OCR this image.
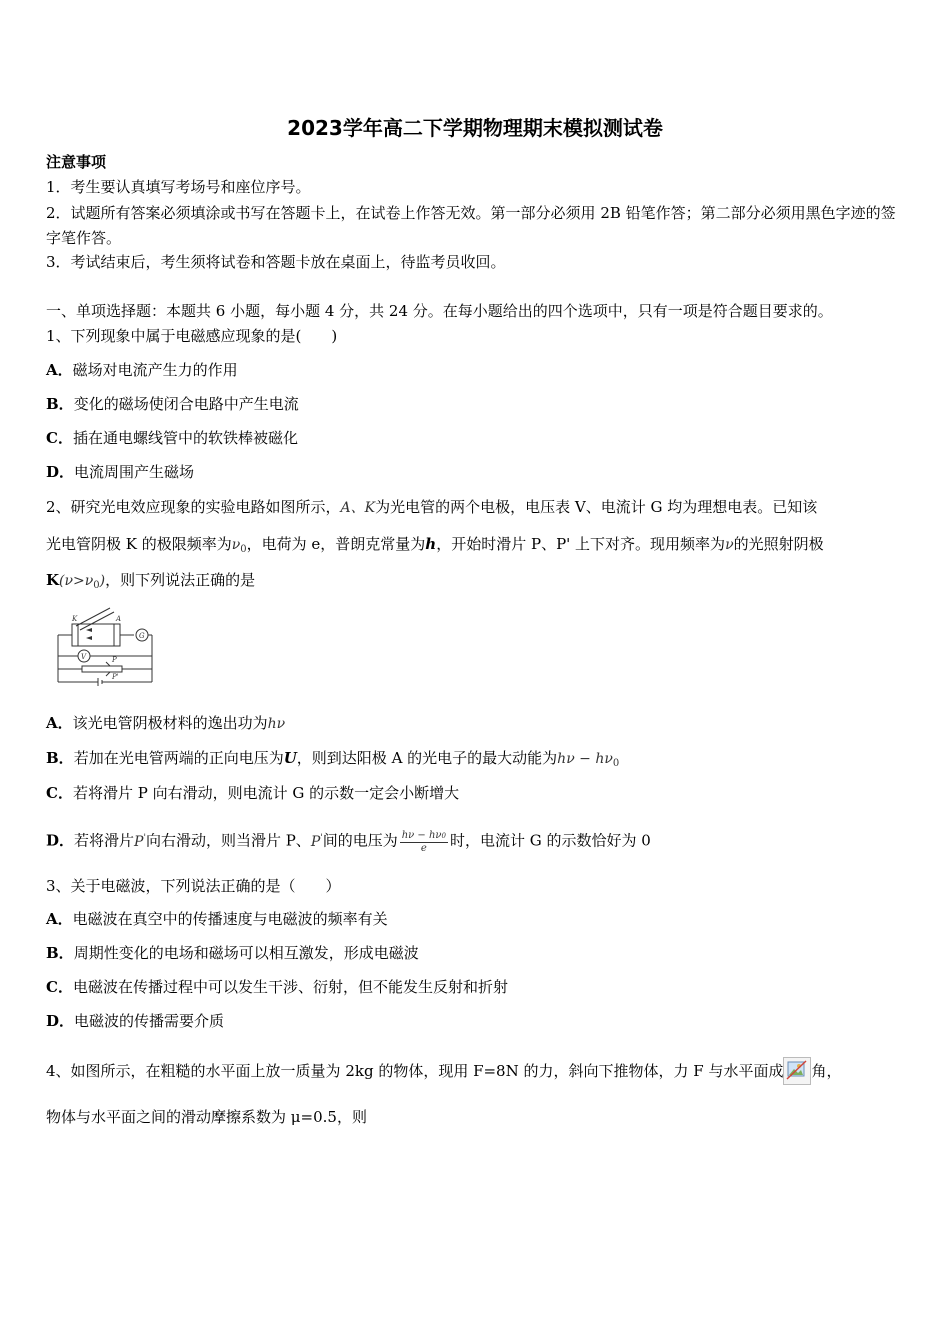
2023学年高二下学期物理期末模拟测试卷
注意事项
1．考生要认真填写考场号和座位序号。
2．试题所有答案必须填涂或书写在答题卡上，在试卷上作答无效。第一部分必须用 2B 铅笔作答；第二部分必须用黑色字迹的签字笔作答。
3．考试结束后，考生须将试卷和答题卡放在桌面上，待监考员收回。
一、单项选择题：本题共 6 小题，每小题 4 分，共 24 分。在每小题给出的四个选项中，只有一项是符合题目要求的。
1、下列现象中属于电磁感应现象的是(　　)
A．磁场对电流产生力的作用
B．变化的磁场使闭合电路中产生电流
C．插在通电螺线管中的软铁棒被磁化
D．电流周围产生磁场
2、研究光电效应现象的实验电路如图所示，A、K为光电管的两个电极，电压表 V、电流计 G 均为理想电表。已知该
光电管阴极 K 的极限频率为$\nu_0$，电荷为 e，普朗克常量为h，开始时滑片 P、P' 上下对齐。现用频率为ν的光照射阴极
$K(\nu>\nu_0)$，则下列说法正确的是
K	A
G
V	P
P'
A．该光电管阴极材料的逸出功为hν
B．若加在光电管两端的正向电压为U，则到达阳极 A 的光电子的最大动能为$h\nu - h\nu_0$
C．若将滑片 P 向右滑动，则电流计 G 的示数一定会小断增大
D．若将滑片P'向右滑动，则当滑片 P、P'间的电压为 $\frac{h\nu - h\nu 0}{e}$ 时，电流计 G 的示数恰好为 0
3、关于电磁波，下列说法正确的是（　　）
A．电磁波在真空中的传播速度与电磁波的频率有关
B．周期性变化的电场和磁场可以相互激发，形成电磁波
C．电磁波在传播过程中可以发生干涉、衍射，但不能发生反射和折射
D．电磁波的传播需要介质
4、如图所示，在粗糙的水平面上放一质量为 2kg 的物体，现用 F=8N 的力，斜向下推物体，力 F 与水平面成 角，
物体与水平面之间的滑动摩擦系数为 μ=0.5，则
